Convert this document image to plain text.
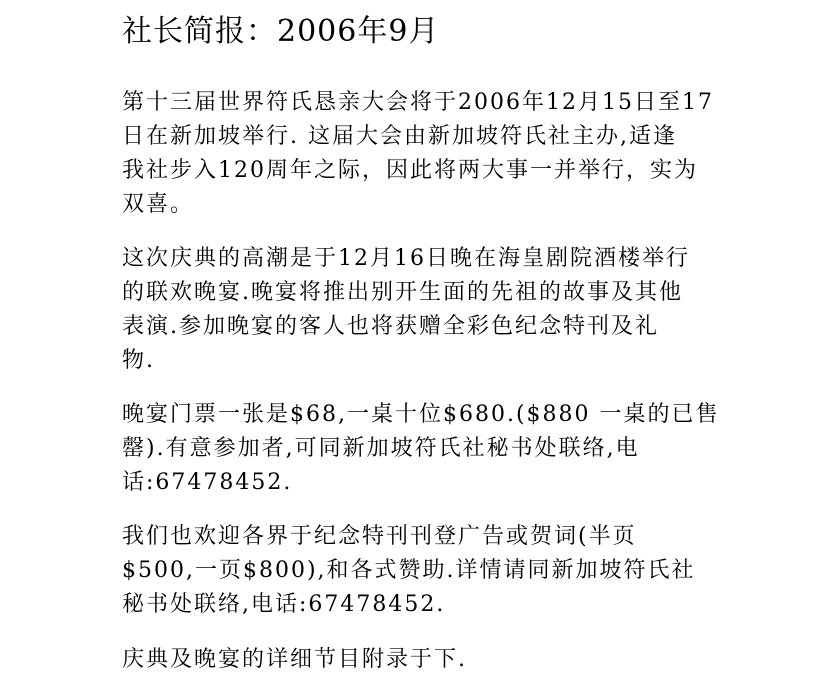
社长简报：2006年9月

第十三届世界符氏恳亲大会将于2006年12月15日至17
日在新加坡举行. 这届大会由新加坡符氏社主办,适逢
我社步入120周年之际，因此将两大事一并举行，实为
双喜。

这次庆典的高潮是于12月16日晚在海皇剧院酒楼举行
的联欢晚宴.晚宴将推出别开生面的先祖的故事及其他
表演.参加晚宴的客人也将获赠全彩色纪念特刊及礼
物.

晚宴门票一张是$68,一桌十位$680.($880 一桌的已售
罄).有意参加者,可同新加坡符氏社秘书处联络,电
话:67478452.

我们也欢迎各界于纪念特刊刊登广告或贺词(半页
$500,一页$800),和各式赞助.详情请同新加坡符氏社
秘书处联络,电话:67478452.

庆典及晚宴的详细节目附录于下.
